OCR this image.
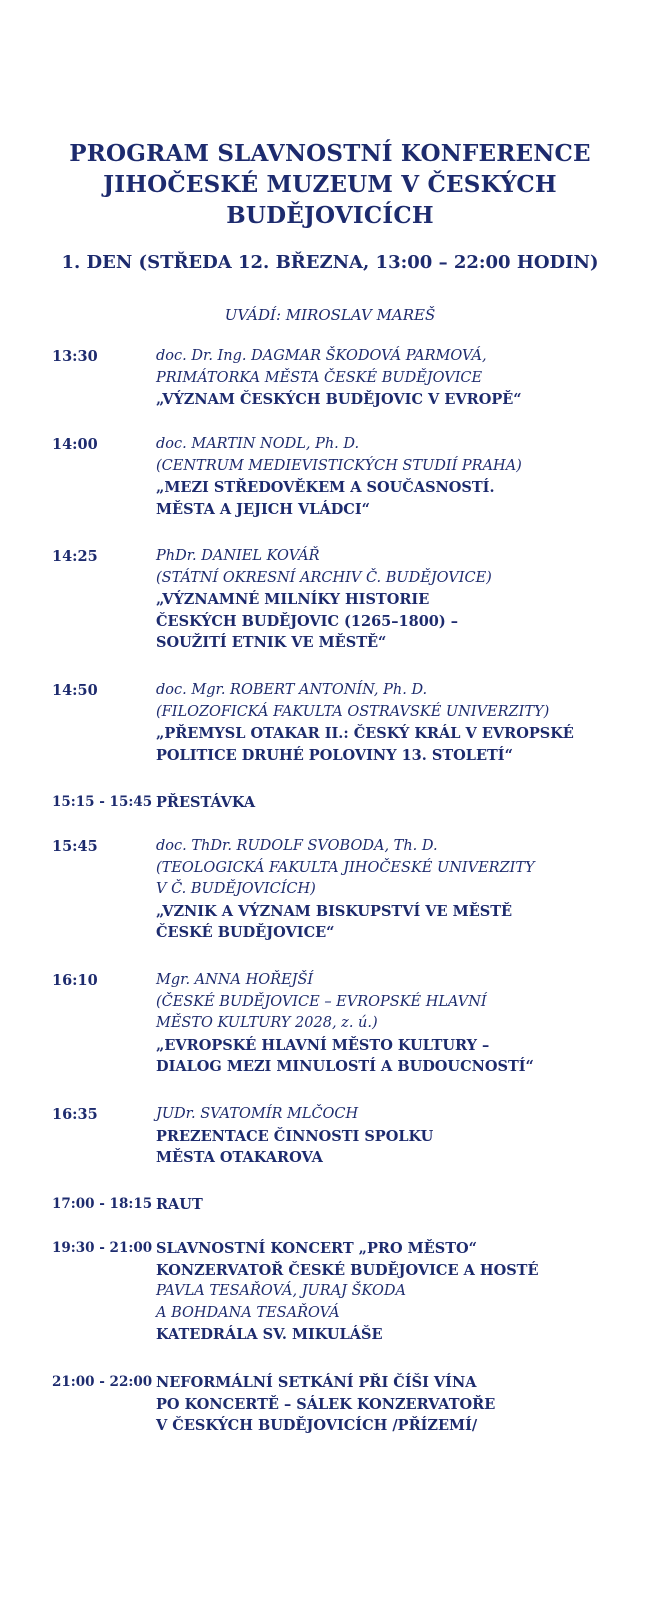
PROGRAM SLAVNOSTNÍ KONFERENCE
JIHOČESKÉ MUZEUM V ČESKÝCH
BUDĚJOVICÍCH
1. DEN (STŘEDA 12. BŘEZNA, 13:00 – 22:00 HODIN)
UVÁDÍ: MIROSLAV MAREŠ
13:30	doc. Dr. Ing. DAGMAR ŠKODOVÁ PARMOVÁ,
PRIMÁTORKA MĚSTA ČESKÉ BUDĚJOVICE
„VÝZNAM ČESKÝCH BUDĚJOVIC V EVROPĚ“
14:00	doc. MARTIN NODL, Ph. D.
(CENTRUM MEDIEVISTICKÝCH STUDIÍ PRAHA)
„MEZI STŘEDOVĚKEM A SOUČASNOSTÍ.
MĚSTA A JEJICH VLÁDCI“
14:25	PhDr. DANIEL KOVÁŘ
(STÁTNÍ OKRESNÍ ARCHIV Č. BUDĚJOVICE)
„VÝZNAMNÉ MILNÍKY HISTORIE
ČESKÝCH BUDĚJOVIC (1265–1800) –
SOUŽITÍ ETNIK VE MĚSTĚ“
14:50	doc. Mgr. ROBERT ANTONÍN, Ph. D.
(FILOZOFICKÁ FAKULTA OSTRAVSKÉ UNIVERZITY)
„PŘEMYSL OTAKAR II.: ČESKÝ KRÁL V EVROPSKÉ
POLITICE DRUHÉ POLOVINY 13. STOLETÍ“
15:15 - 15:45 PŘESTÁVKA
15:45	doc. ThDr. RUDOLF SVOBODA, Th. D.
(TEOLOGICKÁ FAKULTA JIHOČESKÉ UNIVERZITY
V Č. BUDĚJOVICÍCH)
„VZNIK A VÝZNAM BISKUPSTVÍ VE MĚSTĚ
ČESKÉ BUDĚJOVICE“
16:10	Mgr. ANNA HOŘEJŠÍ
(ČESKÉ BUDĚJOVICE – EVROPSKÉ HLAVNÍ
MĚSTO KULTURY 2028, z. ú.)
„EVROPSKÉ HLAVNÍ MĚSTO KULTURY –
DIALOG MEZI MINULOSTÍ A BUDOUCNOSTÍ“
16:35	JUDr. SVATOMÍR MLČOCH
PREZENTACE ČINNOSTI SPOLKU
MĚSTA OTAKAROVA
17:00 - 18:15 RAUT
19:30 - 21:00 SLAVNOSTNÍ KONCERT „PRO MĚSTO“
KONZERVATOŘ ČESKÉ BUDĚJOVICE A HOSTÉ
PAVLA TESAŘOVÁ, JURAJ ŠKODA
A BOHDANA TESAŘOVÁ
KATEDRÁLA SV. MIKULÁŠE
21:00 - 22:00 NEFORMÁLNÍ SETKÁNÍ PŘI ČÍŠI VÍNA
PO KONCERTĚ – SÁLEK KONZERVATOŘE
V ČESKÝCH BUDĚJOVICÍCH /PŘÍZEMÍ/
